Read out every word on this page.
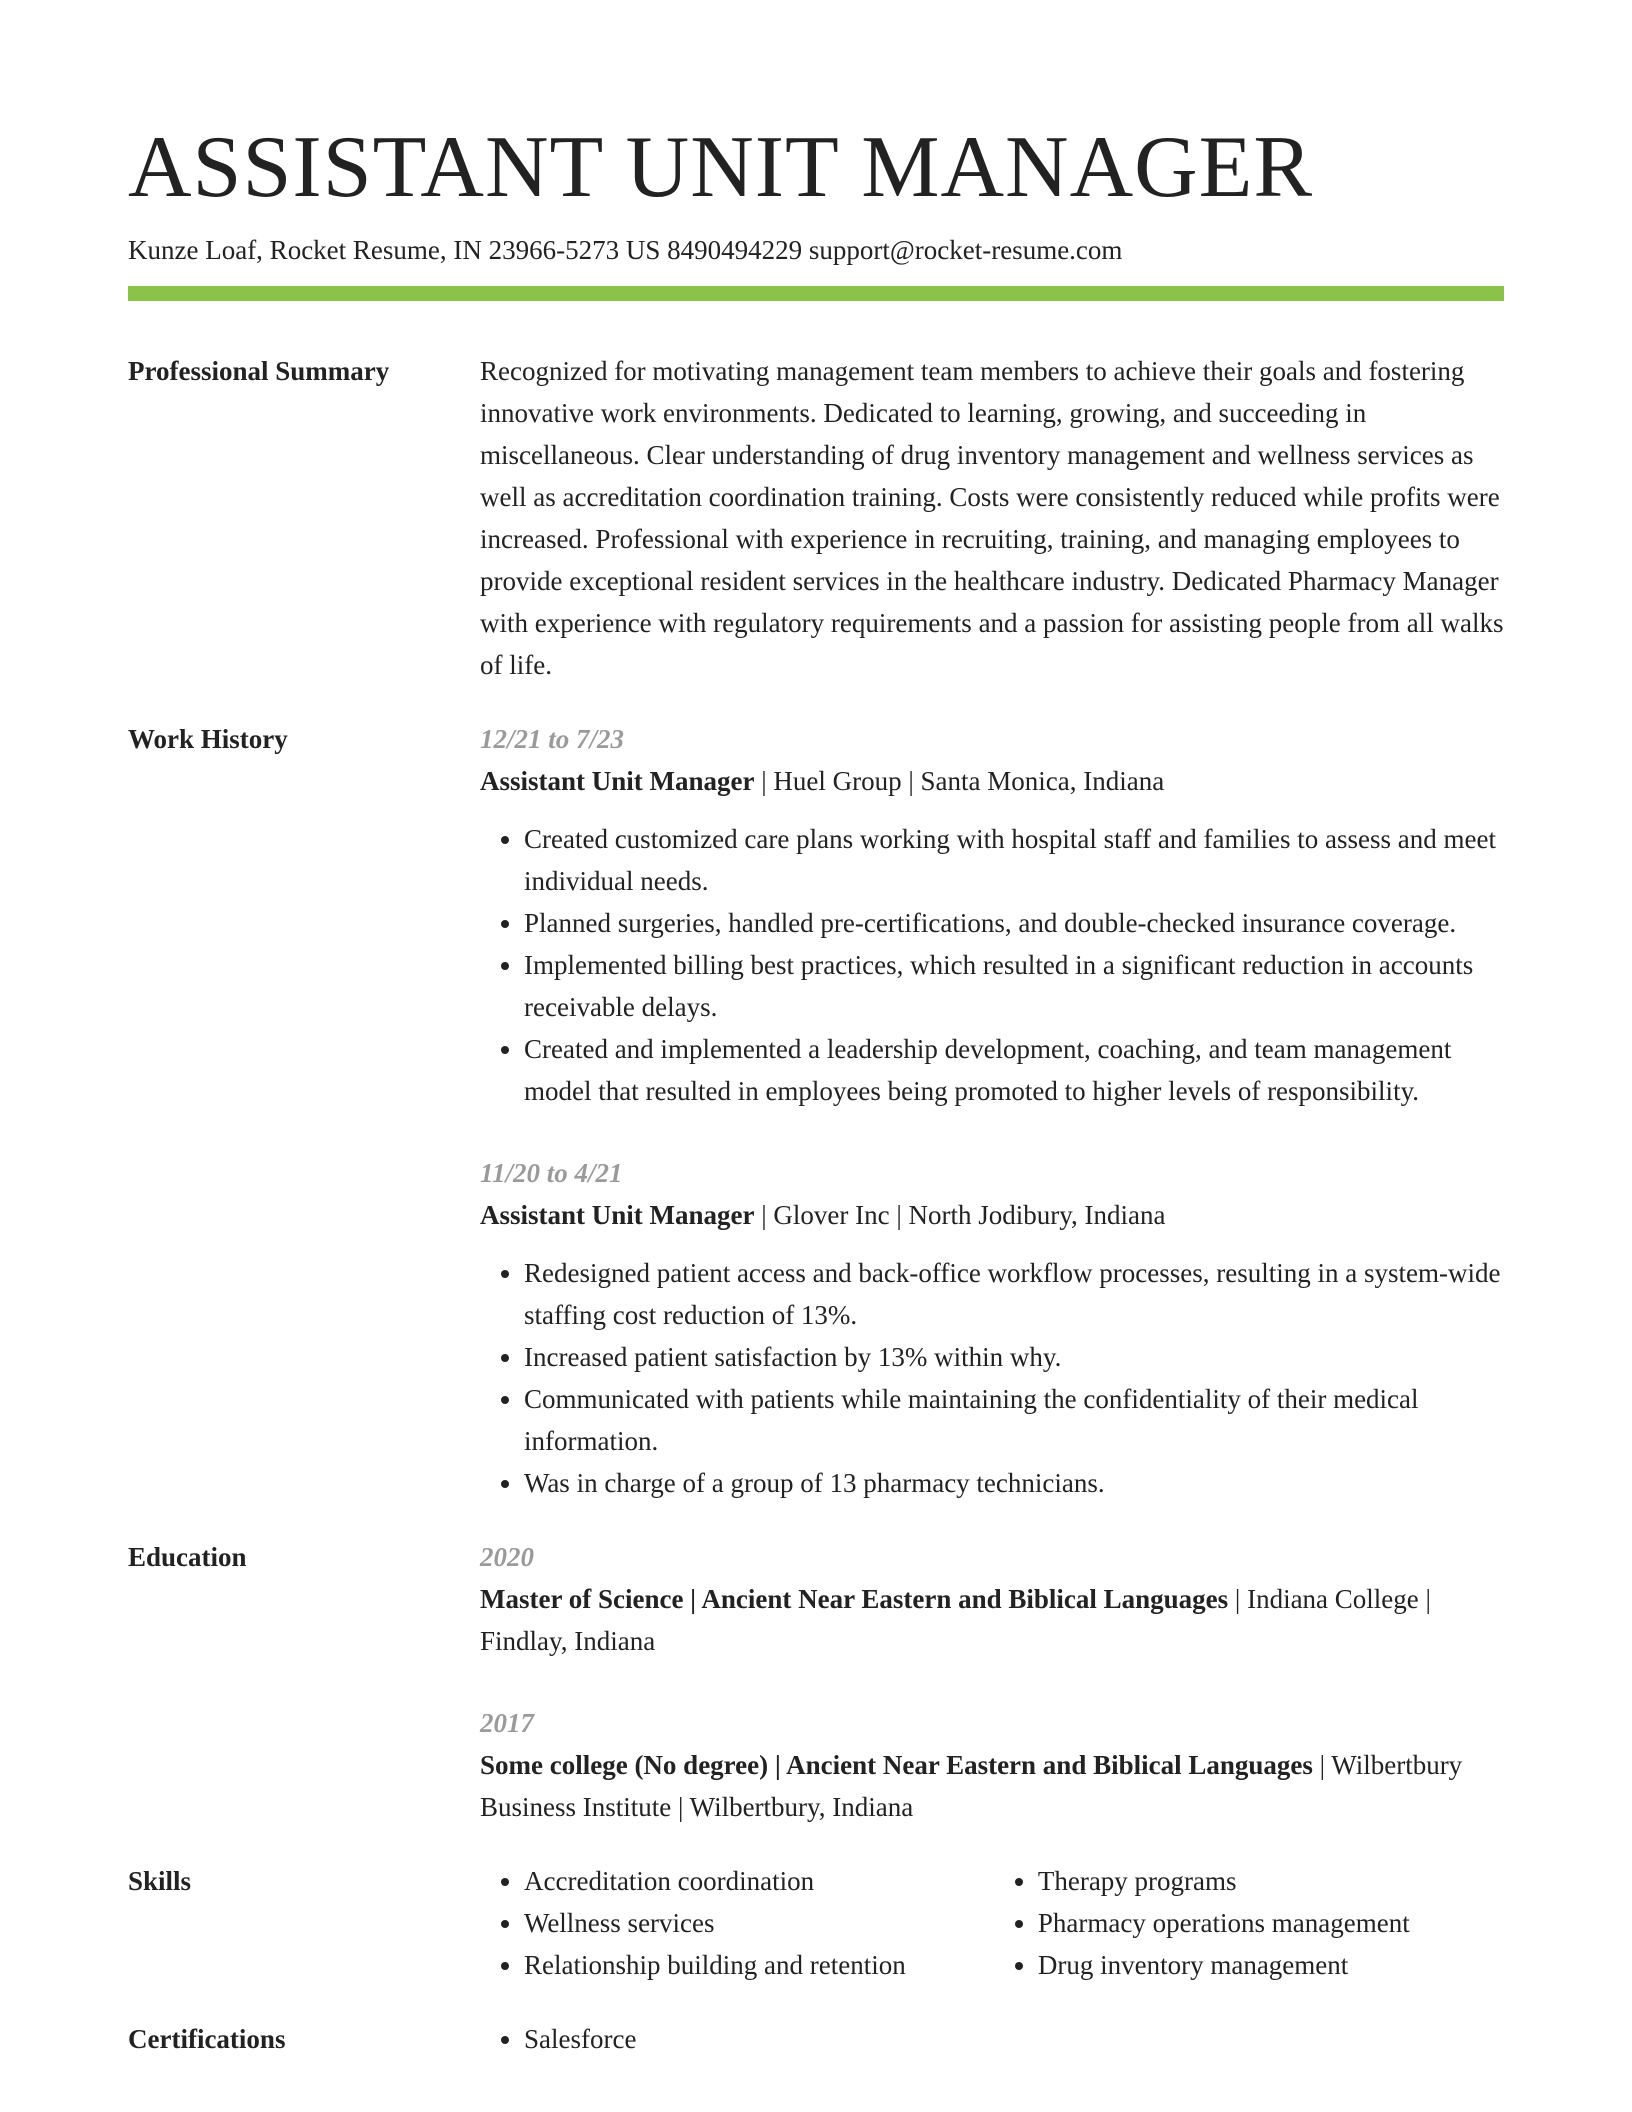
ASSISTANT UNIT MANAGER
Kunze Loaf, Rocket Resume, IN 23966-5273 US 8490494229 support@rocket-resume.com
Professional Summary	Recognized for motivating management team members to achieve their goals and fostering innovative work environments. Dedicated to learning, growing, and succeeding in miscellaneous. Clear understanding of drug inventory management and wellness services as well as accreditation coordination training. Costs were consistently reduced while profits were increased. Professional with experience in recruiting, training, and managing employees to provide exceptional resident services in the healthcare industry. Dedicated Pharmacy Manager with experience with regulatory requirements and a passion for assisting people from all walks of life.

Work History	12/21 to 7/23
Assistant Unit Manager | Huel Group | Santa Monica, Indiana
• Created customized care plans working with hospital staff and families to assess and meet individual needs.
• Planned surgeries, handled pre-certifications, and double-checked insurance coverage.
• Implemented billing best practices, which resulted in a significant reduction in accounts receivable delays.
• Created and implemented a leadership development, coaching, and team management model that resulted in employees being promoted to higher levels of responsibility.
11/20 to 4/21
Assistant Unit Manager | Glover Inc | North Jodibury, Indiana
• Redesigned patient access and back-office workflow processes, resulting in a system-wide staffing cost reduction of 13%.
• Increased patient satisfaction by 13% within why.
• Communicated with patients while maintaining the confidentiality of their medical information.
• Was in charge of a group of 13 pharmacy technicians.
Education	2020
Master of Science | Ancient Near Eastern and Biblical Languages | Indiana College | Findlay, Indiana
2017
Some college (No degree) | Ancient Near Eastern and Biblical Languages | Wilbertbury Business Institute | Wilbertbury, Indiana
Skills	• Accreditation coordination
• Wellness services
• Relationship building and retention
• Therapy programs
• Pharmacy operations management
• Drug inventory management
Certifications	• Salesforce
